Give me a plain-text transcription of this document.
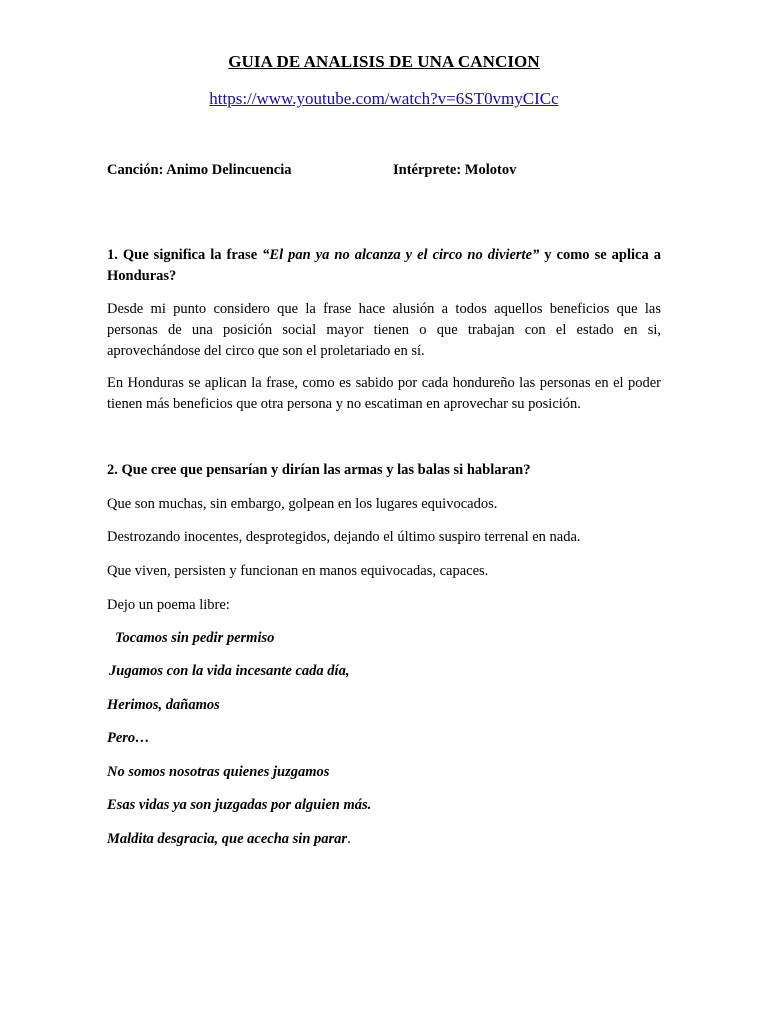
GUIA DE ANALISIS DE UNA CANCION
https://www.youtube.com/watch?v=6ST0vmyCICc
Canción: Animo Delincuencia	Intérprete: Molotov
1. Que significa la frase “El pan ya no alcanza y el circo no divierte” y como se aplica a Honduras?
Desde mi punto considero que la frase hace alusión a todos aquellos beneficios que las personas de una posición social mayor tienen o que trabajan con el estado en si, aprovechándose del circo que son el proletariado en sí.
En Honduras se aplican la frase, como es sabido por cada hondureño las personas en el poder tienen más beneficios que otra persona y no escatiman en aprovechar su posición.
2. Que cree que pensarían y dirían las armas y las balas si hablaran?
Que son muchas, sin embargo, golpean en los lugares equivocados.
Destrozando inocentes, desprotegidos, dejando el último suspiro terrenal en nada.
Que viven, persisten y funcionan en manos equivocadas, capaces.
Dejo un poema libre:
Tocamos sin pedir permiso
Jugamos con la vida incesante cada día,
Herimos, dañamos
Pero…
No somos nosotras quienes juzgamos
Esas vidas ya son juzgadas por alguien más.
Maldita desgracia, que acecha sin parar.
